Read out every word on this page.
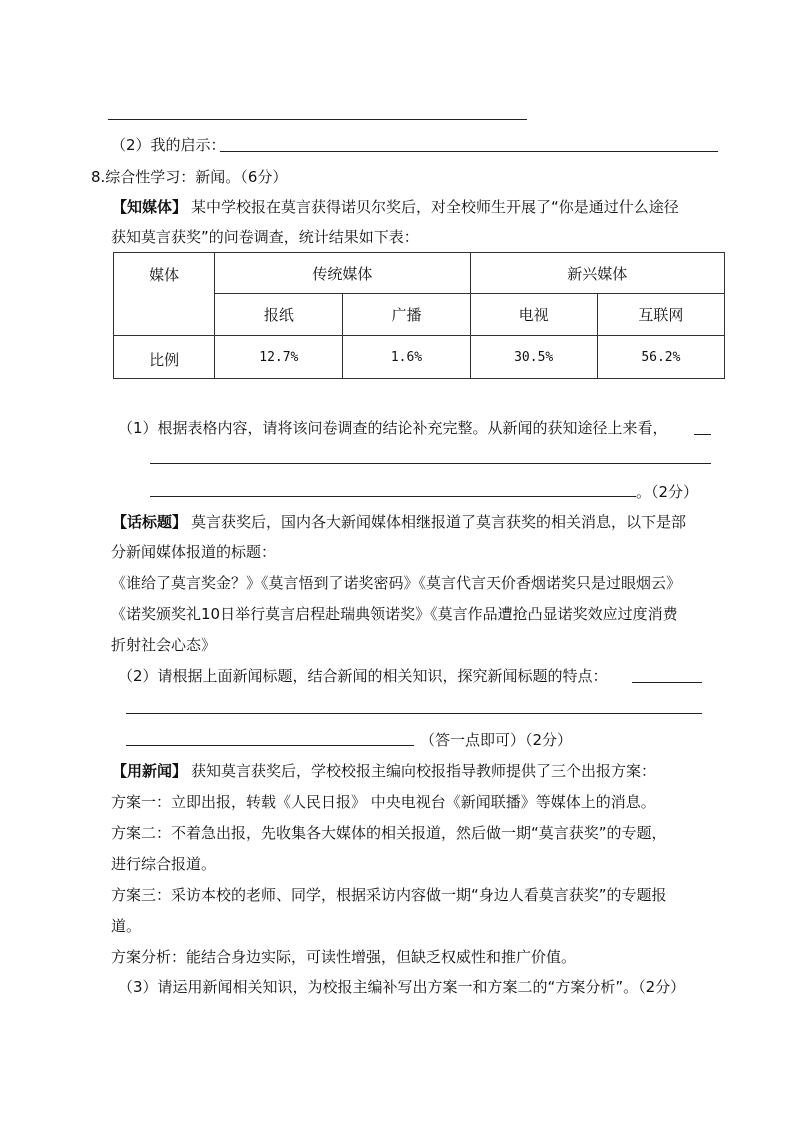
（2）我的启示：
8.综合性学习：新闻。（6分）
【知媒体】 某中学校报在莫言获得诺贝尔奖后，对全校师生开展了“你是通过什么途径
获知莫言获奖”的问卷调查，统计结果如下表：
媒体	传统媒体		新兴媒体	
	报纸	广播	电视	互联网
比例	12.7%	1.6%	30.5%	56.2%
（1）根据表格内容，请将该问卷调查的结论补充完整。从新闻的获知途径上来看，
。（2分）
【话标题】 莫言获奖后，国内各大新闻媒体相继报道了莫言获奖的相关消息，以下是部
分新闻媒体报道的标题：
《谁给了莫言奖金？》《莫言悟到了诺奖密码》《莫言代言天价香烟诺奖只是过眼烟云》
《诺奖颁奖礼10日举行莫言启程赴瑞典领诺奖》《莫言作品遭抢凸显诺奖效应过度消费
折射社会心态》
（2）请根据上面新闻标题，结合新闻的相关知识，探究新闻标题的特点：
（答一点即可）（2分）
【用新闻】 获知莫言获奖后，学校校报主编向校报指导教师提供了三个出报方案：
方案一：立即出报，转载《人民日报》 中央电视台《新闻联播》等媒体上的消息。
方案二：不着急出报，先收集各大媒体的相关报道，然后做一期“莫言获奖”的专题，
进行综合报道。
方案三：采访本校的老师、同学，根据采访内容做一期“身边人看莫言获奖”的专题报
道。
方案分析：能结合身边实际，可读性增强，但缺乏权威性和推广价值。
（3）请运用新闻相关知识，为校报主编补写出方案一和方案二的“方案分析”。（2分）
